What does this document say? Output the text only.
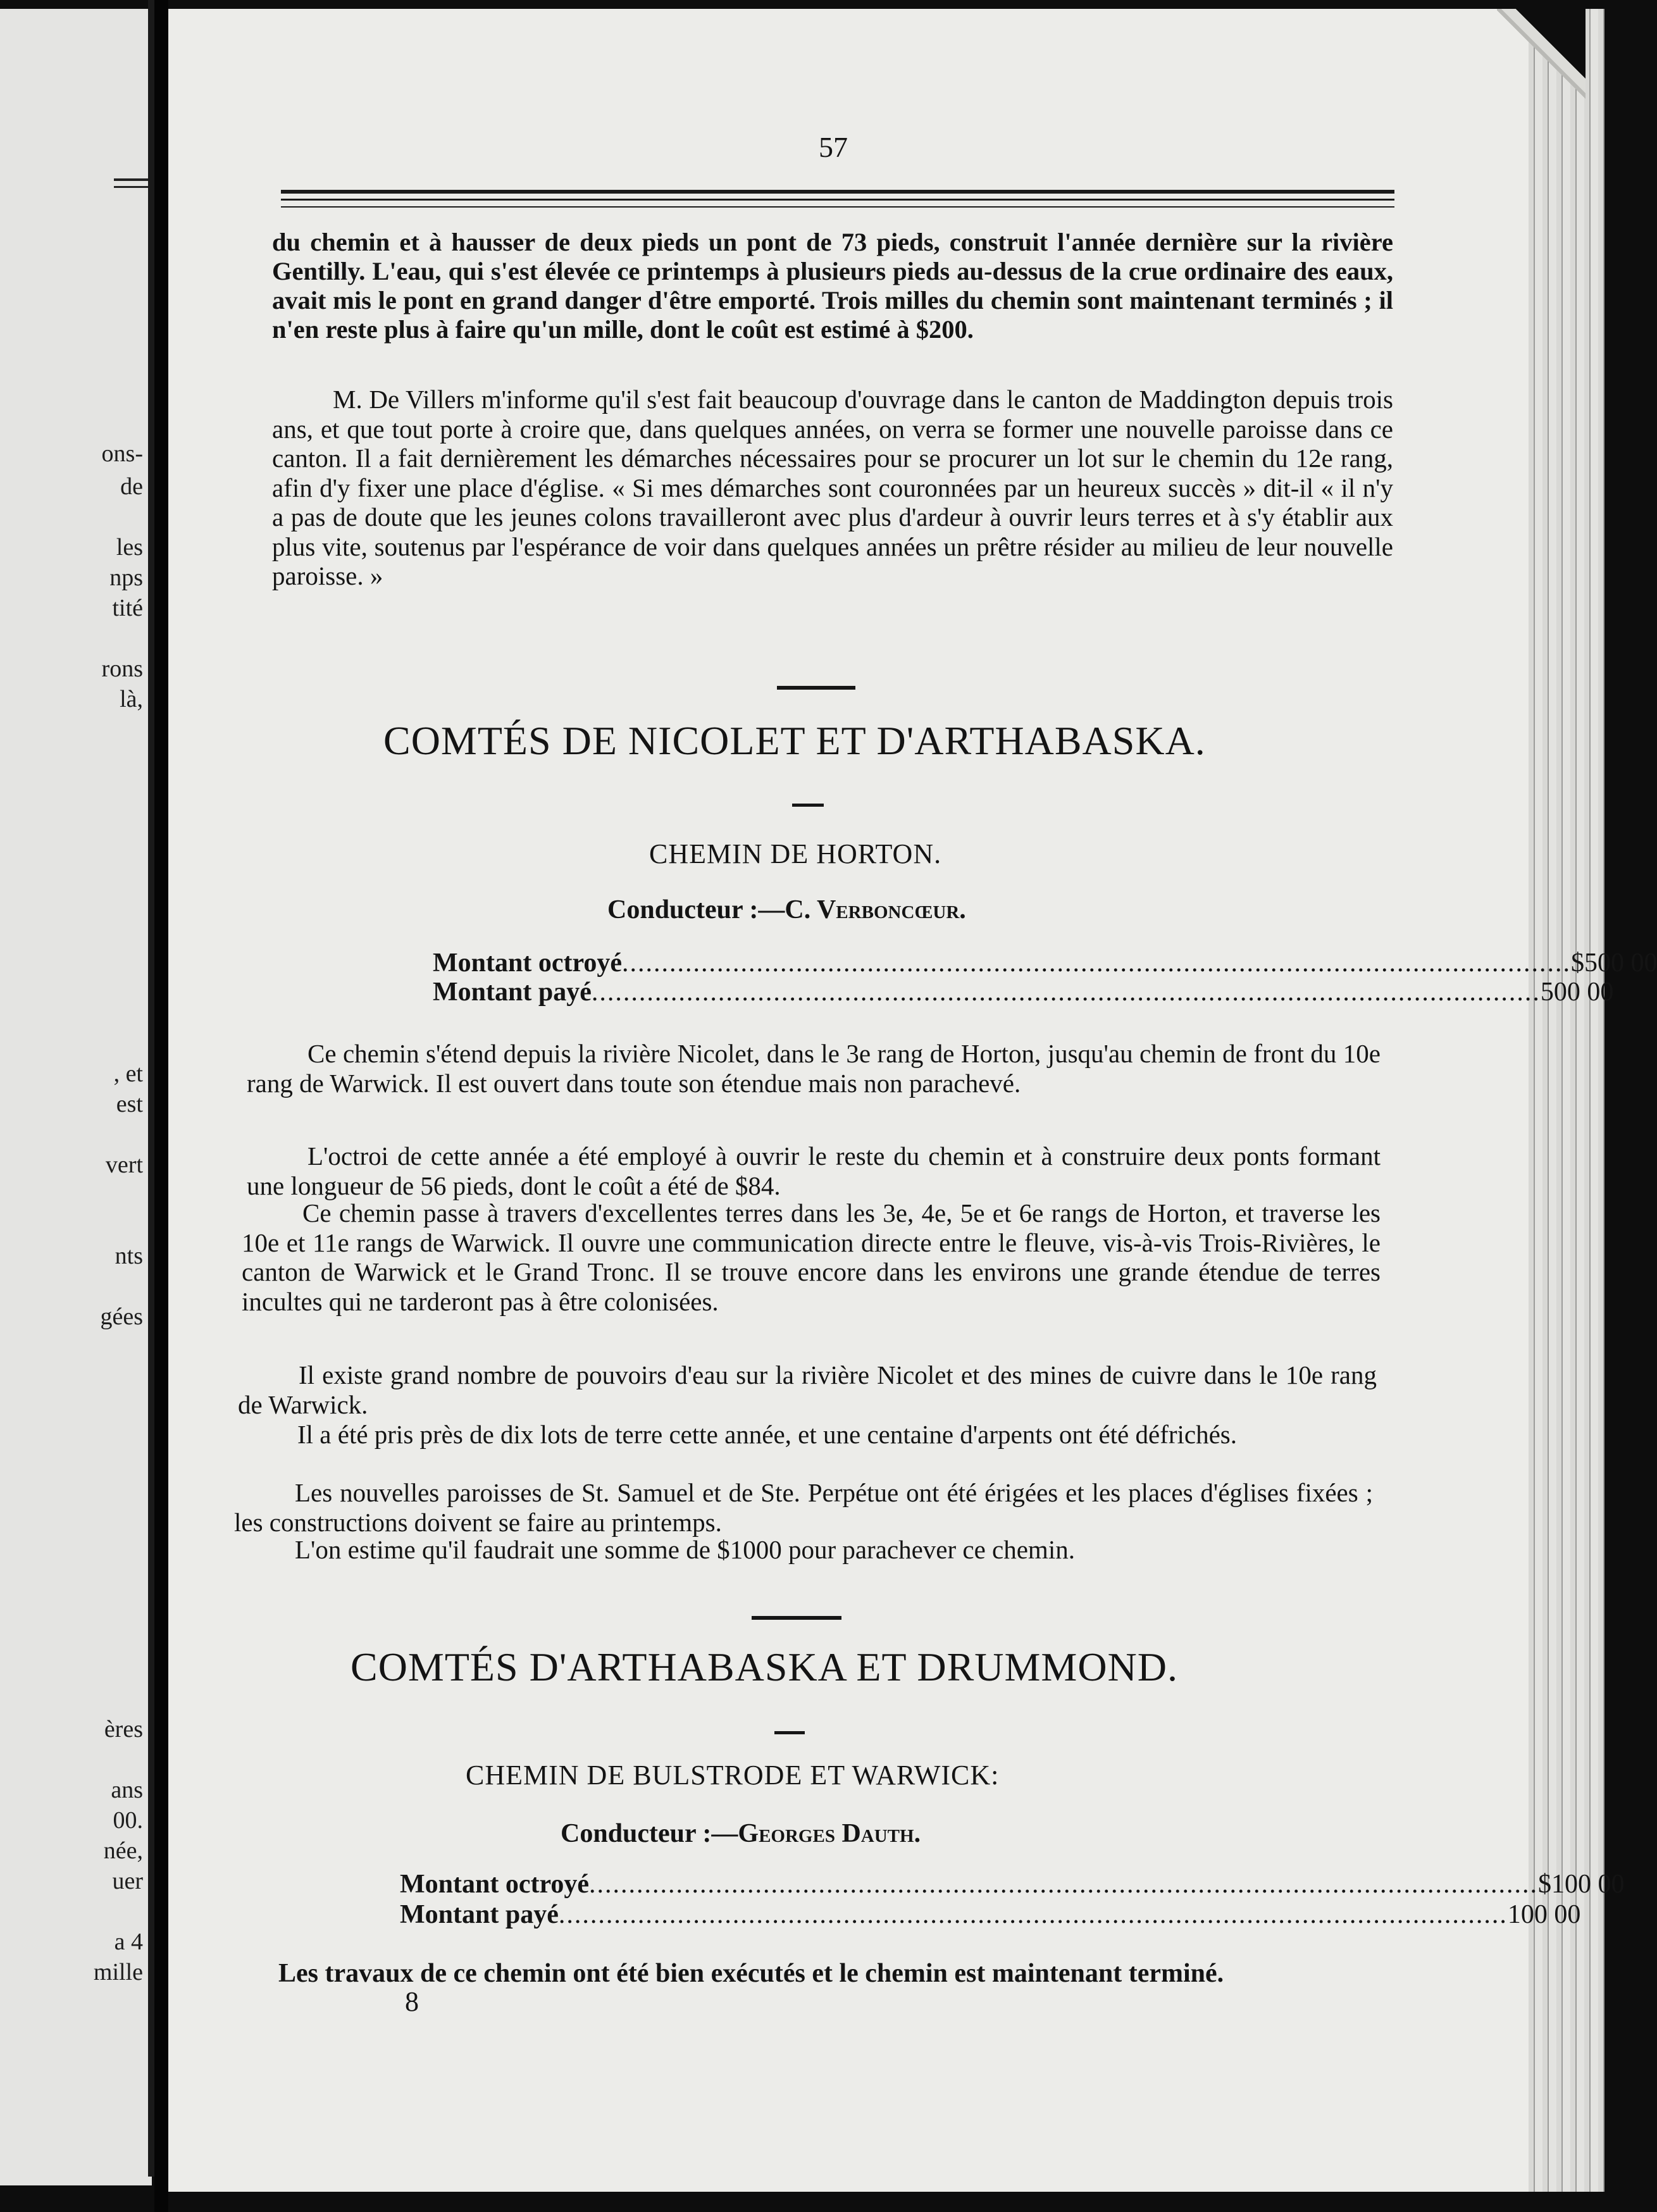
ons-
de
les
nps
tité
rons
là,
, et
est
vert
nts
gées
ères
ans
00.
née,
uer
a 4
mille
57
du chemin et à hausser de deux pieds un pont de 73 pieds, construit l'année dernière sur la rivière Gentilly. L'eau, qui s'est élevée ce printemps à plusieurs pieds au-dessus de la crue ordinaire des eaux, avait mis le pont en grand danger d'être emporté. Trois milles du chemin sont maintenant terminés ; il n'en reste plus à faire qu'un mille, dont le coût est estimé à $200.
M. De Villers m'informe qu'il s'est fait beaucoup d'ouvrage dans le canton de Maddington depuis trois ans, et que tout porte à croire que, dans quelques années, on verra se former une nouvelle paroisse dans ce canton. Il a fait dernièrement les démarches nécessaires pour se procurer un lot sur le chemin du 12e rang, afin d'y fixer une place d'église. « Si mes démarches sont couronnées par un heureux succès » dit-il « il n'y a pas de doute que les jeunes colons travailleront avec plus d'ardeur à ouvrir leurs terres et à s'y établir aux plus vite, soutenus par l'espérance de voir dans quelques années un prêtre résider au milieu de leur nouvelle paroisse. »
COMTÉS DE NICOLET ET D'ARTHABASKA.
CHEMIN DE HORTON.
Conducteur :—C. Verboncœur.
Montant octroyé ........................................................................................................................ $500 00
Montant payé ........................................................................................................................ 500 00
Ce chemin s'étend depuis la rivière Nicolet, dans le 3e rang de Horton, jusqu'au chemin de front du 10e rang de Warwick. Il est ouvert dans toute son étendue mais non parachevé.
L'octroi de cette année a été employé à ouvrir le reste du chemin et à construire deux ponts formant une longueur de 56 pieds, dont le coût a été de $84.
Ce chemin passe à travers d'excellentes terres dans les 3e, 4e, 5e et 6e rangs de Horton, et traverse les 10e et 11e rangs de Warwick. Il ouvre une communication directe entre le fleuve, vis-à-vis Trois-Rivières, le canton de Warwick et le Grand Tronc. Il se trouve encore dans les environs une grande étendue de terres incultes qui ne tarderont pas à être colonisées.
Il existe grand nombre de pouvoirs d'eau sur la rivière Nicolet et des mines de cuivre dans le 10e rang de Warwick.
Il a été pris près de dix lots de terre cette année, et une centaine d'arpents ont été défrichés.
Les nouvelles paroisses de St. Samuel et de Ste. Perpétue ont été érigées et les places d'églises fixées ; les constructions doivent se faire au printemps.
L'on estime qu'il faudrait une somme de $1000 pour parachever ce chemin.
COMTÉS D'ARTHABASKA ET DRUMMOND.
CHEMIN DE BULSTRODE ET WARWICK:
Conducteur :—Georges Dauth.
Montant octroyé ........................................................................................................................ $100 00
Montant payé ........................................................................................................................ 100 00
Les travaux de ce chemin ont été bien exécutés et le chemin est maintenant terminé.
8
